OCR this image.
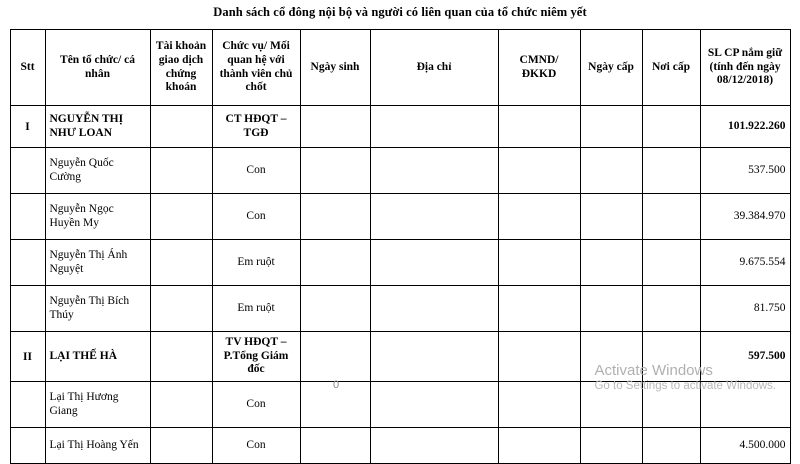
Danh sách cổ đông nội bộ và người có liên quan của tổ chức niêm yết
Stt	Tên tổ chức/ cá nhân	Tài khoản giao dịch chứng khoán	Chức vụ/ Mối quan hệ với thành viên chủ chốt	Ngày sinh	Địa chỉ	CMND/ ĐKKD	Ngày cấp	Nơi cấp	SL CP nắm giữ (tính đến ngày 08/12/2018)
I	NGUYỄN THỊ NHƯ LOAN		CT HĐQT – TGĐ						101.922.260
	Nguyễn Quốc Cường		Con						537.500
	Nguyễn Ngọc Huyền My		Con						39.384.970
	Nguyễn Thị Ánh Nguyệt		Em ruột						9.675.554
	Nguyễn Thị Bích Thúy		Em ruột						81.750
II	LẠI THẾ HÀ		TV HĐQT – P.Tổng Giám đốc						597.500
	Lại Thị Hương Giang		Con						
	Lại Thị Hoàng Yến		Con						4.500.000
Activate Windows
Go to Settings to activate Windows.
0
